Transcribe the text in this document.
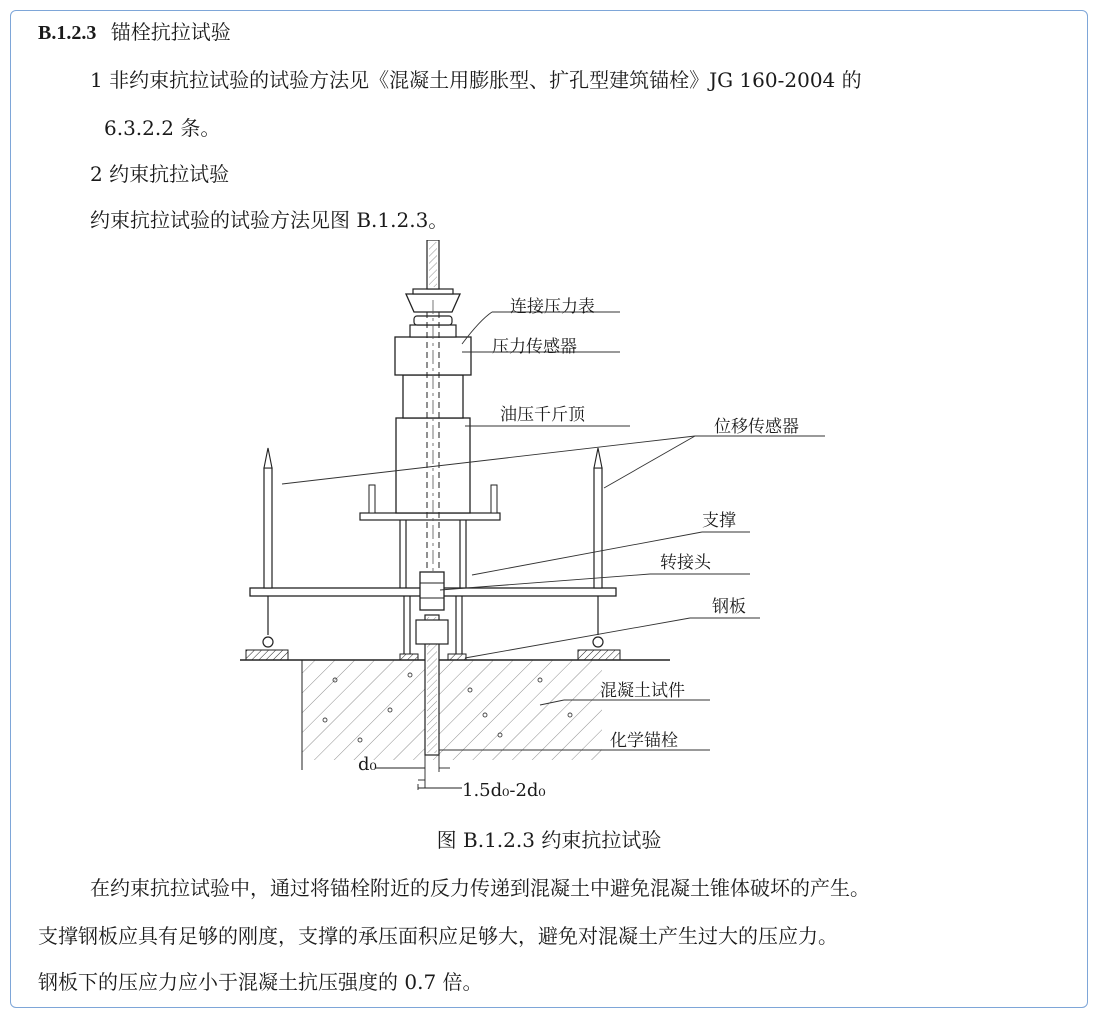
B.1.2.3 锚栓抗拉试验
1 非约束抗拉试验的试验方法见《混凝土用膨胀型、扩孔型建筑锚栓》JG 160-2004 的
6.3.2.2 条。
2 约束抗拉试验
约束抗拉试验的试验方法见图 B.1.2.3。
连接压力表
压力传感器
油压千斤顶
位移传感器
支撑
转接头
钢板
混凝土试件
化学锚栓
d₀
1.5d₀-2d₀
图 B.1.2.3 约束抗拉试验
在约束抗拉试验中，通过将锚栓附近的反力传递到混凝土中避免混凝土锥体破坏的产生。
支撑钢板应具有足够的刚度，支撑的承压面积应足够大，避免对混凝土产生过大的压应力。
钢板下的压应力应小于混凝土抗压强度的 0.7 倍。
